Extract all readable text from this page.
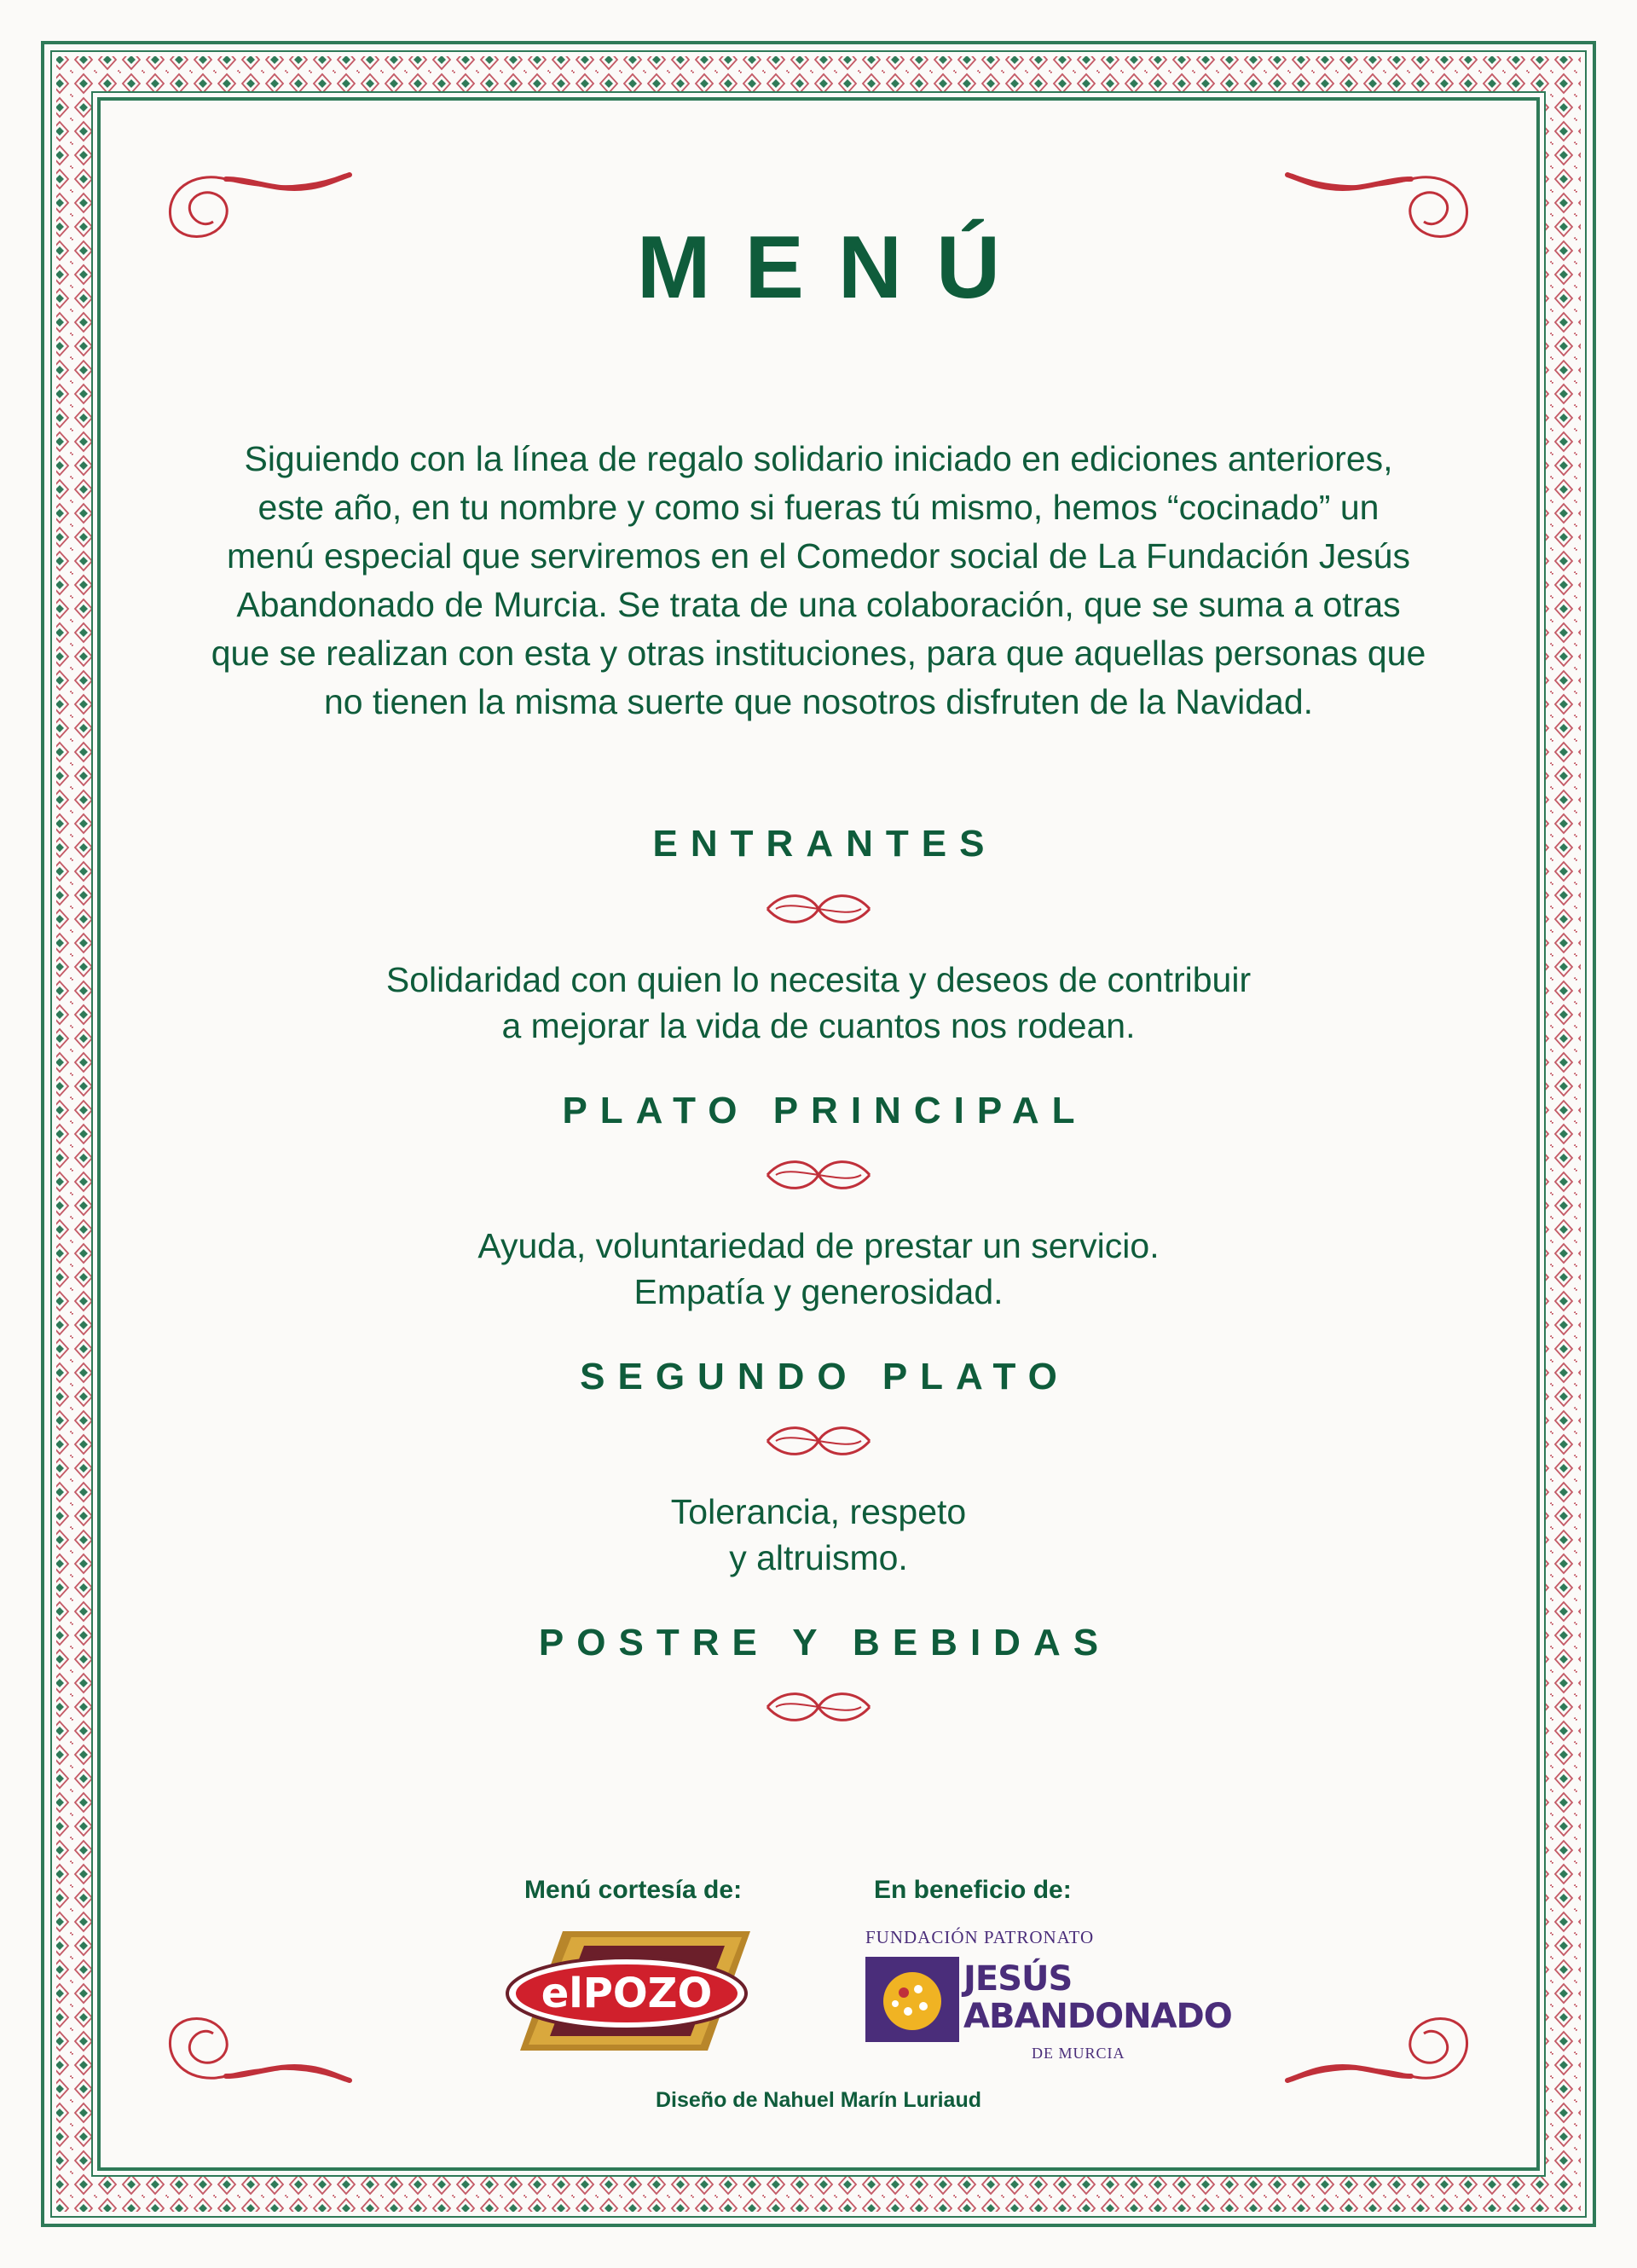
MENÚ
Siguiendo con la línea de regalo solidario iniciado en ediciones anteriores,
este año, en tu nombre y como si fueras tú mismo, hemos “cocinado” un
menú especial que serviremos en el Comedor social de La Fundación Jesús
Abandonado de Murcia. Se trata de una colaboración, que se suma a otras
que se realizan con esta y otras instituciones, para que aquellas personas que
no tienen la misma suerte que nosotros disfruten de la Navidad.
ENTRANTES
Solidaridad con quien lo necesita y deseos de contribuir
a mejorar la vida de cuantos nos rodean.
PLATO PRINCIPAL
Ayuda, voluntariedad de prestar un servicio.
Empatía y generosidad.
SEGUNDO PLATO
Tolerancia, respeto
y altruismo.
POSTRE Y BEBIDAS
Menú cortesía de:	En beneficio de:
elPOZO
FUNDACIÓN PATRONATO
JESÚS
ABANDONADO
DE MURCIA
Diseño de Nahuel Marín Luriaud
